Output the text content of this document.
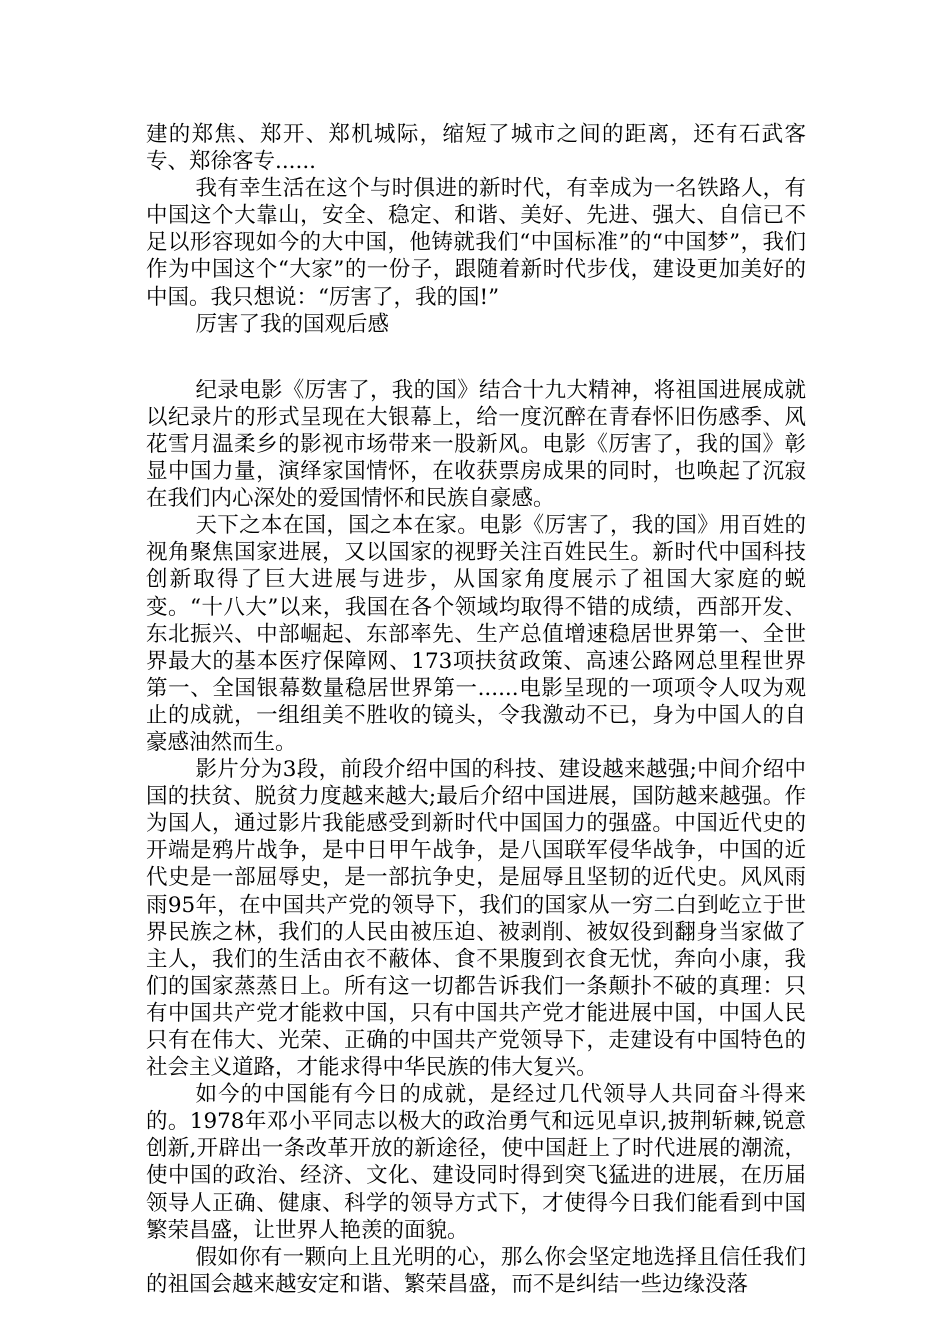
建的郑焦、郑开、郑机城际，缩短了城市之间的距离，还有石武客专、郑徐客专......

我有幸生活在这个与时俱进的新时代，有幸成为一名铁路人，有中国这个大靠山，安全、稳定、和谐、美好、先进、强大、自信已不足以形容现如今的大中国，他铸就我们“中国标准”的“中国梦”，我们作为中国这个“大家”的一份子，跟随着新时代步伐，建设更加美好的中国。我只想说：“厉害了，我的国!”

厉害了我的国观后感

纪录电影《厉害了，我的国》结合十九大精神，将祖国进展成就以纪录片的形式呈现在大银幕上，给一度沉醉在青春怀旧伤感季、风花雪月温柔乡的影视市场带来一股新风。电影《厉害了，我的国》彰显中国力量，演绎家国情怀，在收获票房成果的同时，也唤起了沉寂在我们内心深处的爱国情怀和民族自豪感。

天下之本在国，国之本在家。电影《厉害了，我的国》用百姓的视角聚焦国家进展，又以国家的视野关注百姓民生。新时代中国科技创新取得了巨大进展与进步，从国家角度展示了祖国大家庭的蜕变。“十八大”以来，我国在各个领域均取得不错的成绩，西部开发、东北振兴、中部崛起、东部率先、生产总值增速稳居世界第一、全世界最大的基本医疗保障网、173项扶贫政策、高速公路网总里程世界第一、全国银幕数量稳居世界第一......电影呈现的一项项令人叹为观止的成就，一组组美不胜收的镜头，令我激动不已，身为中国人的自豪感油然而生。

影片分为3段，前段介绍中国的科技、建设越来越强;中间介绍中国的扶贫、脱贫力度越来越大;最后介绍中国进展，国防越来越强。作为国人，通过影片我能感受到新时代中国国力的强盛。中国近代史的开端是鸦片战争，是中日甲午战争，是八国联军侵华战争，中国的近代史是一部屈辱史，是一部抗争史，是屈辱且坚韧的近代史。风风雨雨95年，在中国共产党的领导下，我们的国家从一穷二白到屹立于世界民族之林，我们的人民由被压迫、被剥削、被奴役到翻身当家做了主人，我们的生活由衣不蔽体、食不果腹到衣食无忧，奔向小康，我们的国家蒸蒸日上。所有这一切都告诉我们一条颠扑不破的真理：只有中国共产党才能救中国，只有中国共产党才能进展中国，中国人民只有在伟大、光荣、正确的中国共产党领导下，走建设有中国特色的社会主义道路，才能求得中华民族的伟大复兴。

如今的中国能有今日的成就，是经过几代领导人共同奋斗得来的。1978年邓小平同志以极大的政治勇气和远见卓识,披荆斩棘,锐意创新,开辟出一条改革开放的新途径，使中国赶上了时代进展的潮流，使中国的政治、经济、文化、建设同时得到突飞猛进的进展，在历届领导人正确、健康、科学的领导方式下，才使得今日我们能看到中国繁荣昌盛，让世界人艳羡的面貌。

假如你有一颗向上且光明的心，那么你会坚定地选择且信任我们的祖国会越来越安定和谐、繁荣昌盛，而不是纠结一些边缘没落
